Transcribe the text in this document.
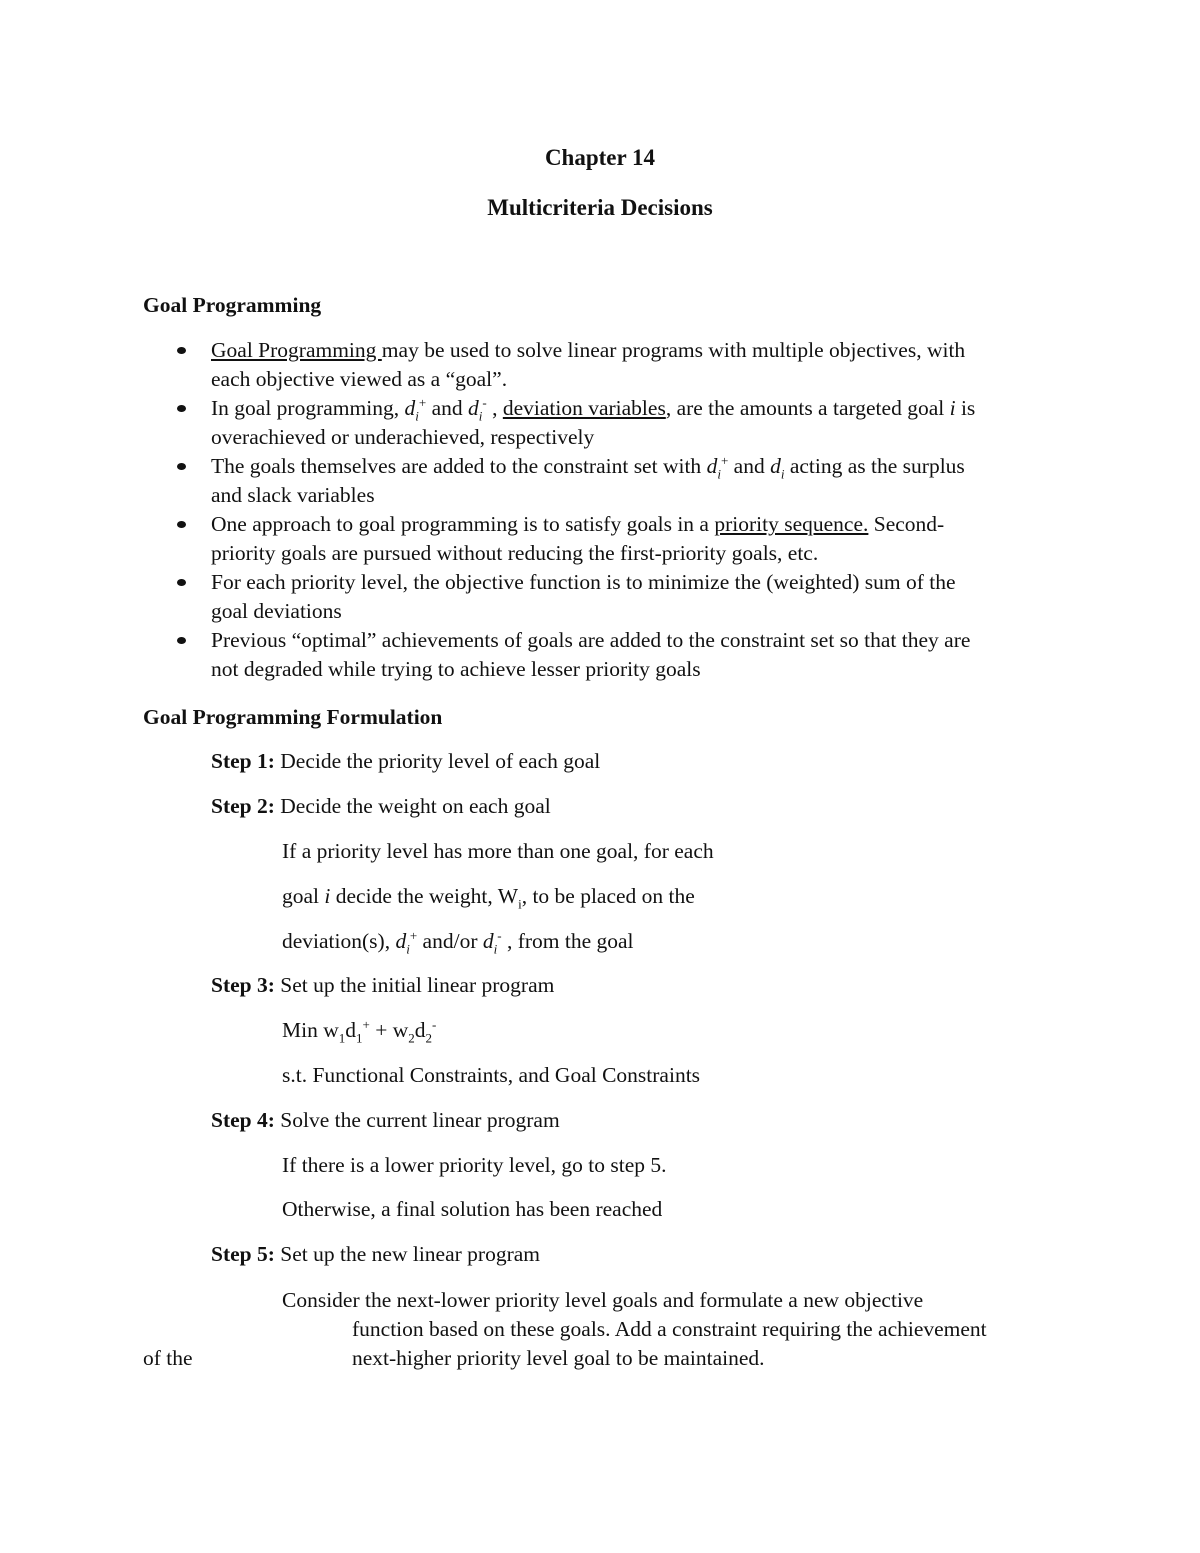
Chapter 14
Multicriteria Decisions
Goal Programming
Goal Programming may be used to solve linear programs with multiple objectives, with
each objective viewed as a “goal”.
In goal programming, $d_i^+$ and $d_i^-$ , deviation variables, are the amounts a targeted goal i is
overachieved or underachieved, respectively
The goals themselves are added to the constraint set with $d_i^+$ and $d_i$ acting as the surplus
and slack variables
One approach to goal programming is to satisfy goals in a priority sequence. Second-
priority goals are pursued without reducing the first-priority goals, etc.
For each priority level, the objective function is to minimize the (weighted) sum of the
goal deviations
Previous “optimal” achievements of goals are added to the constraint set so that they are
not degraded while trying to achieve lesser priority goals
Goal Programming Formulation
Step 1: Decide the priority level of each goal
Step 2: Decide the weight on each goal
If a priority level has more than one goal, for each
goal i decide the weight, $W_i$, to be placed on the
deviation(s), $d_i^+$ and/or $d_i^-$ , from the goal
Step 3: Set up the initial linear program
Min $w_1d_1^+ + w_2d_2^-$
s.t. Functional Constraints, and Goal Constraints
Step 4: Solve the current linear program
If there is a lower priority level, go to step 5.
Otherwise, a final solution has been reached
Step 5: Set up the new linear program
Consider the next-lower priority level goals and formulate a new objective
function based on these goals. Add a constraint requiring the achievement
of the	next-higher priority level goal to be maintained.
